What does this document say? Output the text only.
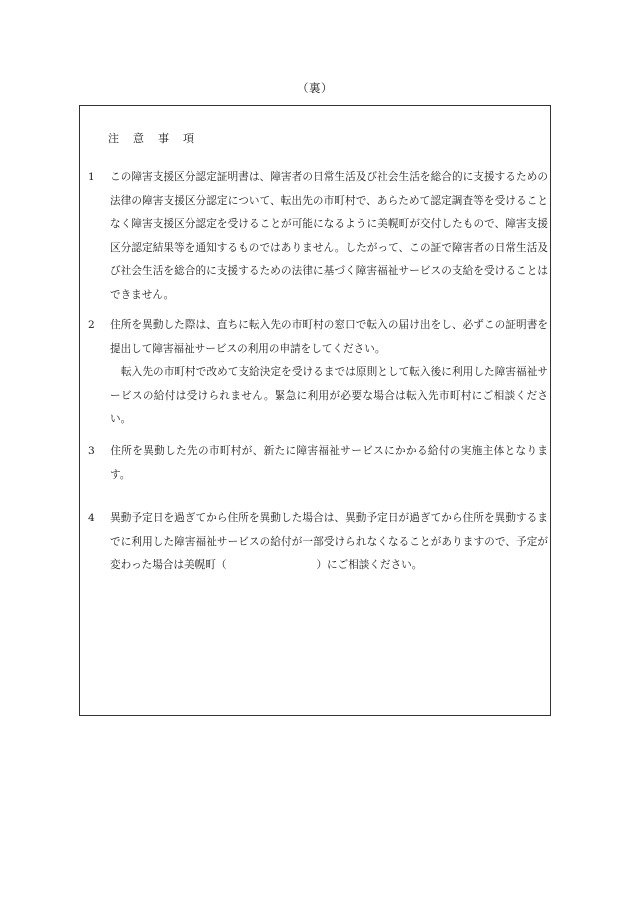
（裏）
注意事項

1 この障害支援区分認定証明書は、障害者の日常生活及び社会生活を総合的に支援するための法律の障害支援区分認定について、転出先の市町村で、あらためて認定調査等を受けることなく障害支援区分認定を受けることが可能になるように美幌町が交付したもので、障害支援区分認定結果等を通知するものではありません。したがって、この証で障害者の日常生活及び社会生活を総合的に支援するための法律に基づく障害福祉サービスの支給を受けることはできません。

2 住所を異動した際は、直ちに転入先の市町村の窓口で転入の届け出をし、必ずこの証明書を提出して障害福祉サービスの利用の申請をしてください。

転入先の市町村で改めて支給決定を受けるまでは原則として転入後に利用した障害福祉サービスの給付は受けられません。緊急に利用が必要な場合は転入先市町村にご相談ください。

3 住所を異動した先の市町村が、新たに障害福祉サービスにかかる給付の実施主体となります。

4 異動予定日を過ぎてから住所を異動した場合は、異動予定日が過ぎてから住所を異動するまでに利用した障害福祉サービスの給付が一部受けられなくなることがありますので、予定が変わった場合は美幌町（	）にご相談ください。
